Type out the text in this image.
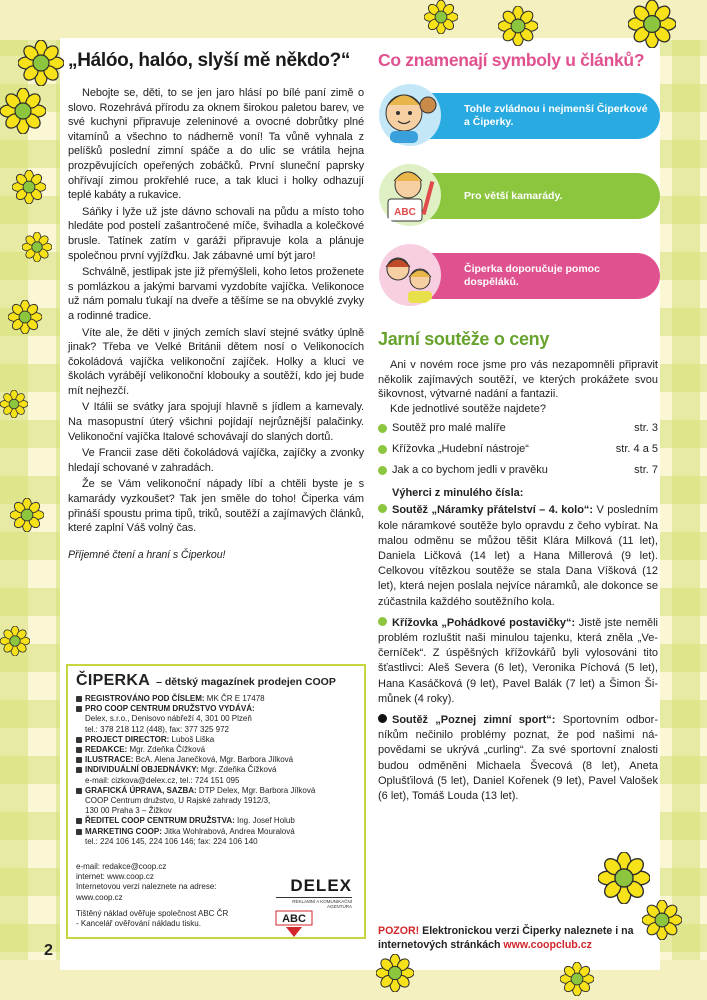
„Hálóo, halóo, slyší mě někdo?“

Nebojte se, děti, to se jen jaro hlásí po bílé paní zimě o slovo. Rozehrává přírodu za oknem širokou paletou barev, ve své kuchyni připravuje zeleninové a ovocné dobrůtky plné vitamínů a všechno to nádherně voní! Ta vůně vyhnala z pelíšků poslední zimní spáče a do ulic se vrátila hejna prozpěvujících opeřených zobáčků. První sluneční paprsky ohřívají zimou prokřehlé ruce, a tak kluci i holky odhazují teplé kabáty a rukavice.

Sáňky i lyže už jste dávno schovali na půdu a místo toho hledáte pod postelí zašantročené míče, švihadla a kolečkové brusle. Tatínek zatím v garáži připravuje kola a plánuje společnou první vyjížďku. Jak zábavné umí být jaro!

Schválně, jestlipak jste již přemýšleli, koho letos proženete s pomlázkou a jakými barvami vyzdobíte vajíčka. Velikonoce už nám pomalu ťukají na dveře a těšíme se na obvyklé zvyky a rodinné tradice.

Víte ale, že děti v jiných zemích slaví stejné svátky úplně jinak? Třeba ve Velké Británii dětem nosí o Velikonocích čokoládová vajíčka velikonoční zajíček. Holky a kluci ve školách vyrábějí velikonoční klobouky a soutěží, kdo jej bude mít nejhezčí.

V Itálii se svátky jara spojují hlavně s jídlem a karnevaly. Na masopustní úterý všichni pojídají nejrůznější palačinky. Velikonoční vajíčka Italové schovávají do slaných dortů.

Ve Francii zase děti čokoládová vajíčka, zajíčky a zvonky hledají schované v zahradách.

Že se Vám velikonoční nápady líbí a chtěli byste je s kamarády vyzkoušet? Tak jen směle do toho! Čiperka vám přináší spoustu prima tipů, triků, soutěží a zajímavých článků, které zaplní Váš volný čas.

Příjemné čtení a hraní s Čiperkou!

ČIPERKA – dětský magazínek prodejen COOP
REGISTROVÁNO POD ČÍSLEM: MK ČR E 17478
PRO COOP CENTRUM DRUŽSTVO VYDÁVÁ:
Delex, s.r.o., Denisovo nábřeží 4, 301 00 Plzeň
tel.: 378 218 112 (448), fax: 377 325 972
PROJECT DIRECTOR: Luboš Liška
REDAKCE: Mgr. Zdeňka Čížková
ILUSTRACE: BcA. Alena Janečková, Mgr. Barbora Jílková
INDIVIDUÁLNÍ OBJEDNÁVKY: Mgr. Zdeňka Čížková
e-mail: cizkova@delex.cz, tel.: 724 151 095
GRAFICKÁ ÚPRAVA, SAZBA: DTP Delex, Mgr. Barbora Jílková
COOP Centrum družstvo, U Rajské zahrady 1912/3,
130 00 Praha 3 – Žižkov
ŘEDITEL COOP CENTRUM DRUŽSTVA: Ing. Josef Holub
MARKETING COOP: Jitka Wohlrabová, Andrea Mouralová
tel.: 224 106 145, 224 106 146; fax: 224 106 140
e-mail: redakce@coop.cz
internet: www.coop.cz
Internetovou verzi naleznete na adrese:
www.coop.cz
Tištěný náklad ověřuje společnost ABC ČR
- Kancelář ověřování nákladu tisku.
DELEX
REKLAMNÍ A KOMUNIKAČNÍ AGENTURA
ABC
2
Co znamenají symboly u článků?
Tohle zvládnou i nejmenší Čiperkové a Čiperky.
Pro větší kamarády.
ABC
Čiperka doporučuje pomoc dospěláků.
Jarní soutěže o ceny

Ani v novém roce jsme pro vás nezapomněli připravit několik zajímavých soutěží, ve kterých prokážete svou šikovnost, výtvarné nadání a fantazii.

Kde jednotlivé soutěže najdete?

Soutěž pro malé malíře	str. 3
Křížovka „Hudební nástroje“	str. 4 a 5
Jak a co bychom jedli v pravěku	str. 7
Výherci z minulého čísla:

Soutěž „Náramky přátelství – 4. kolo“: V posledním kole náramkové soutěže bylo opravdu z čeho vybírat. Na malou odměnu se můžou těšit Klára Milková (11 let), Daniela Ličková (14 let) a Hana Millerová (9 let). Celkovou vítězkou soutěže se stala Dana Víšková (12 let), která nejen poslala nejvíce náramků, ale dokonce se zúčastnila každého soutěžního kola.

Křížovka „Pohádkové postavičky“: Jistě jste neměli problém rozluštit naši minulou tajenku, která zněla „Večerníček“. Z úspěšných křížovkářů byli vylosováni tito šťastlivci: Aleš Severa (6 let), Veronika Píchová (5 let), Hana Kasáčková (9 let), Pavel Balák (7 let) a Šimon Šimůnek (4 roky).

Soutěž „Poznej zimní sport“: Sportovním odborníkům nečinilo problémy poznat, že pod našimi nápovědami se ukrývá „curling“. Za své sportovní znalosti budou odměněni Michaela Švecová (8 let), Aneta Oplušťilová (5 let), Daniel Kořenek (9 let), Pavel Valošek (6 let), Tomáš Louda (13 let).

POZOR! Elektronickou verzi Čiperky naleznete i na internetových stránkách www.coopclub.cz
